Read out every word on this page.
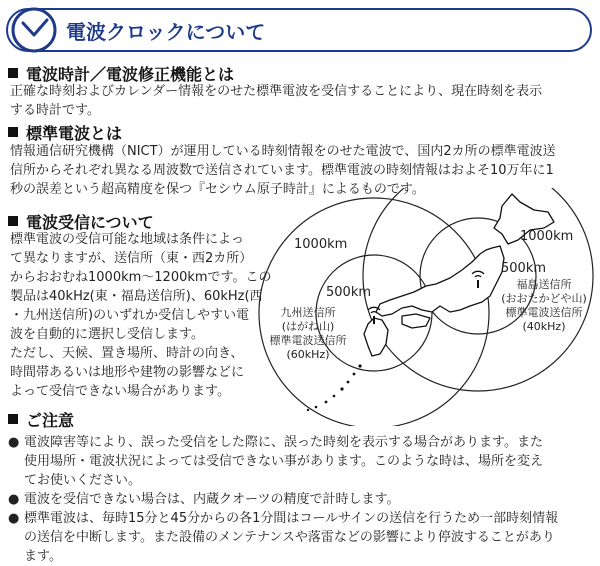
電波クロックについて
電波時計／電波修正機能とは
正確な時刻およびカレンダー情報をのせた標準電波を受信することにより、現在時刻を表示
する時計です。
標準電波とは
情報通信研究機構（NICT）が運用している時刻情報をのせた電波で、国内2カ所の標準電波送
信所からそれぞれ異なる周波数で送信されています。標準電波の時刻情報はおよそ10万年に1
秒の誤差という超高精度を保つ『セシウム原子時計』によるものです。
電波受信について
標準電波の受信可能な地域は条件によっ
て異なりますが、送信所（東・西2カ所）
からおおむね1000km～1200kmです。この
製品は40kHz(東・福島送信所)、60kHz(西
・九州送信所)のいずれか受信しやすい電
波を自動的に選択し受信します。
ただし、天候、置き場所、時計の向き、
時間帯あるいは地形や建物の影響などに
よって受信できない場合があります。
1000km
1000km
500km
500km
九州送信所
(はがね山)
標準電波送信所
(60kHz)
福島送信所
(おおたかどや山)
標準電波送信所
(40kHz)
ご注意
● 電波障害等により、誤った受信をした際に、誤った時刻を表示する場合があります。また
使用場所・電波状況によっては受信できない事があります。このような時は、場所を変え
てお使いください。
● 電波を受信できない場合は、内蔵クオーツの精度で計時します。
● 標準電波は、毎時15分と45分からの各1分間はコールサインの送信を行うため一部時刻情報
の送信を中断します。また設備のメンテナンスや落雷などの影響により停波することがあり
ます。
